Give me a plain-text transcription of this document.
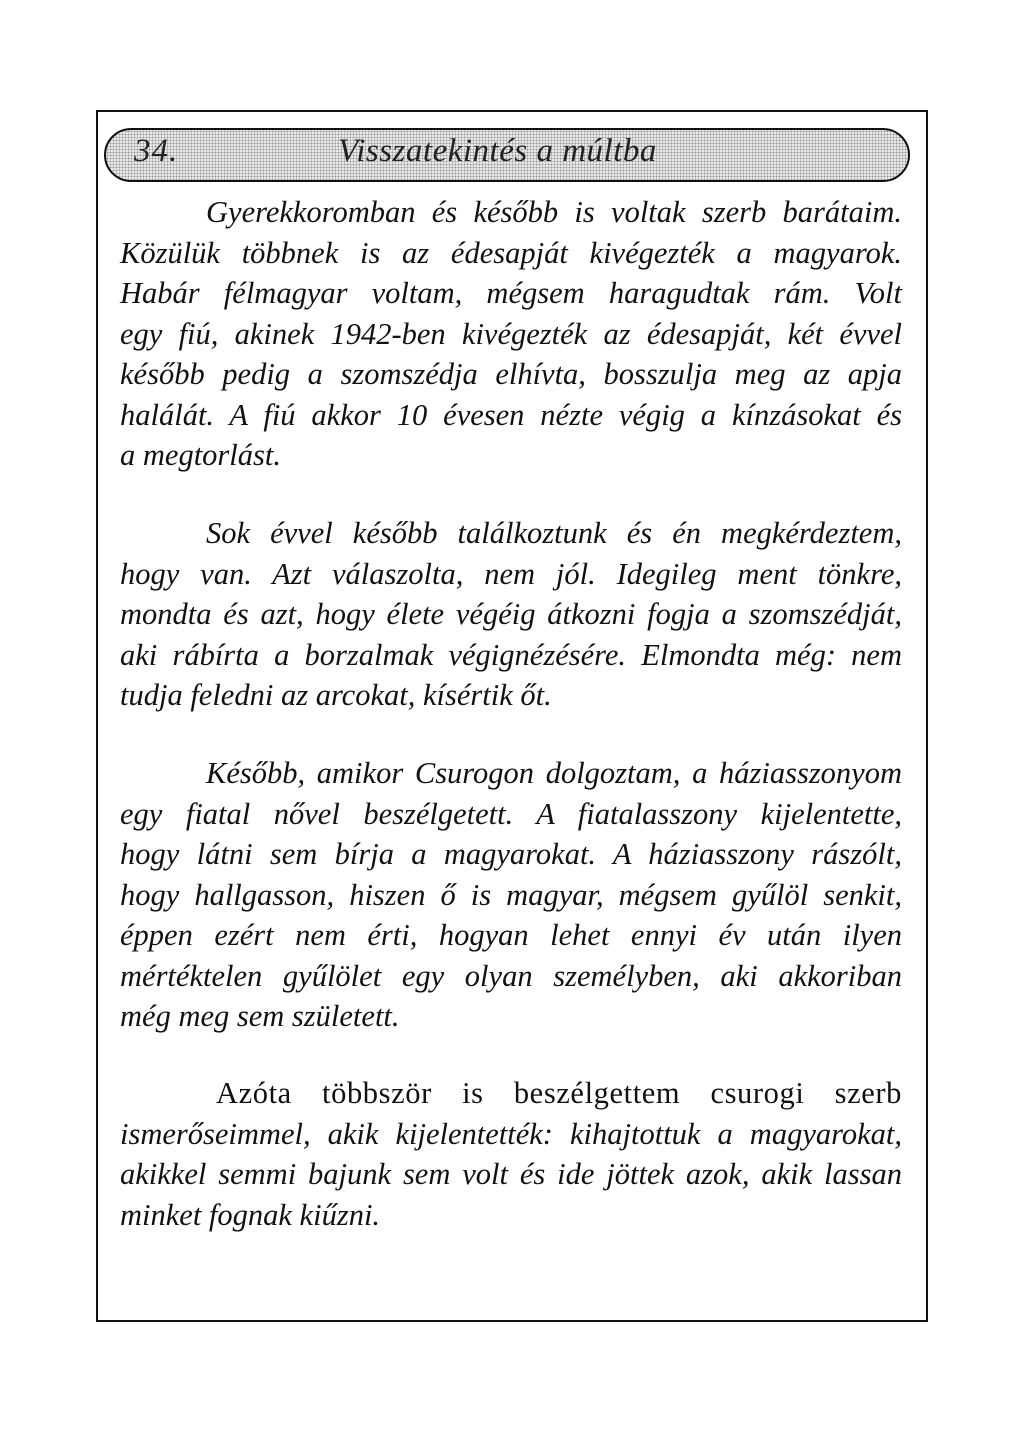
34.	Visszatekintés a múltba
Gyerekkoromban és később is voltak szerb barátaim.
Közülük többnek is az édesapját kivégezték a magyarok.
Habár félmagyar voltam, mégsem haragudtak rám. Volt
egy fiú, akinek 1942-ben kivégezték az édesapját, két évvel
később pedig a szomszédja elhívta, bosszulja meg az apja
halálát. A fiú akkor 10 évesen nézte végig a kínzásokat és
a megtorlást.
Sok évvel később találkoztunk és én megkérdeztem,
hogy van. Azt válaszolta, nem jól. Idegileg ment tönkre,
mondta és azt, hogy élete végéig átkozni fogja a szomszédját,
aki rábírta a borzalmak végignézésére. Elmondta még: nem
tudja feledni az arcokat, kísértik őt.
Később, amikor Csurogon dolgoztam, a háziasszonyom
egy fiatal nővel beszélgetett. A fiatalasszony kijelentette,
hogy látni sem bírja a magyarokat. A háziasszony rászólt,
hogy hallgasson, hiszen ő is magyar, mégsem gyűlöl senkit,
éppen ezért nem érti, hogyan lehet ennyi év után ilyen
mértéktelen gyűlölet egy olyan személyben, aki akkoriban
még meg sem született.
Azóta többször is beszélgettem csurogi szerb
ismerőseimmel, akik kijelentették: kihajtottuk a magyarokat,
akikkel semmi bajunk sem volt és ide jöttek azok, akik lassan
minket fognak kiűzni.
